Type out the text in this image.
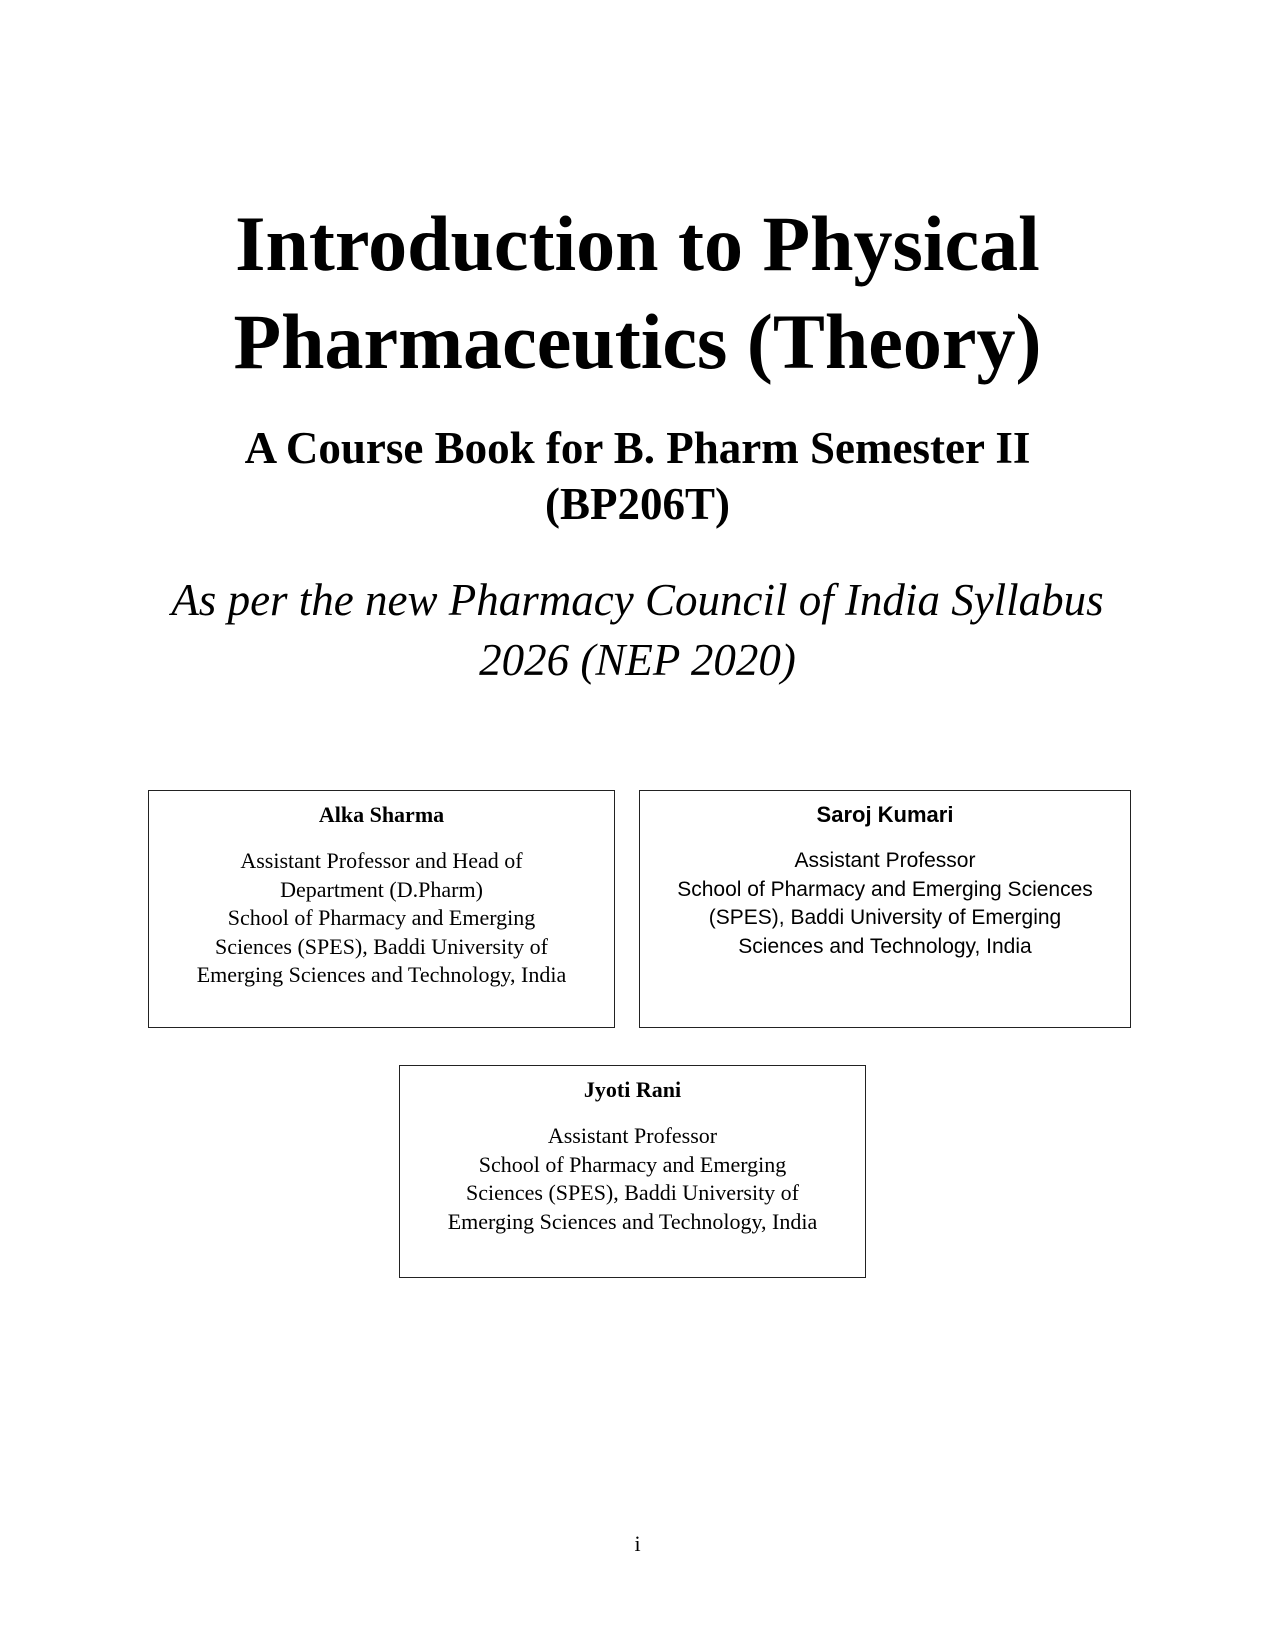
Introduction to Physical
Pharmaceutics (Theory)
A Course Book for B. Pharm Semester II
(BP206T)
As per the new Pharmacy Council of India Syllabus
2026 (NEP 2020)
Alka Sharma
Assistant Professor and Head of
Department (D.Pharm)
School of Pharmacy and Emerging
Sciences (SPES), Baddi University of
Emerging Sciences and Technology, India
Saroj Kumari
Assistant Professor
School of Pharmacy and Emerging Sciences
(SPES), Baddi University of Emerging
Sciences and Technology, India
Jyoti Rani
Assistant Professor
School of Pharmacy and Emerging
Sciences (SPES), Baddi University of
Emerging Sciences and Technology, India
i
